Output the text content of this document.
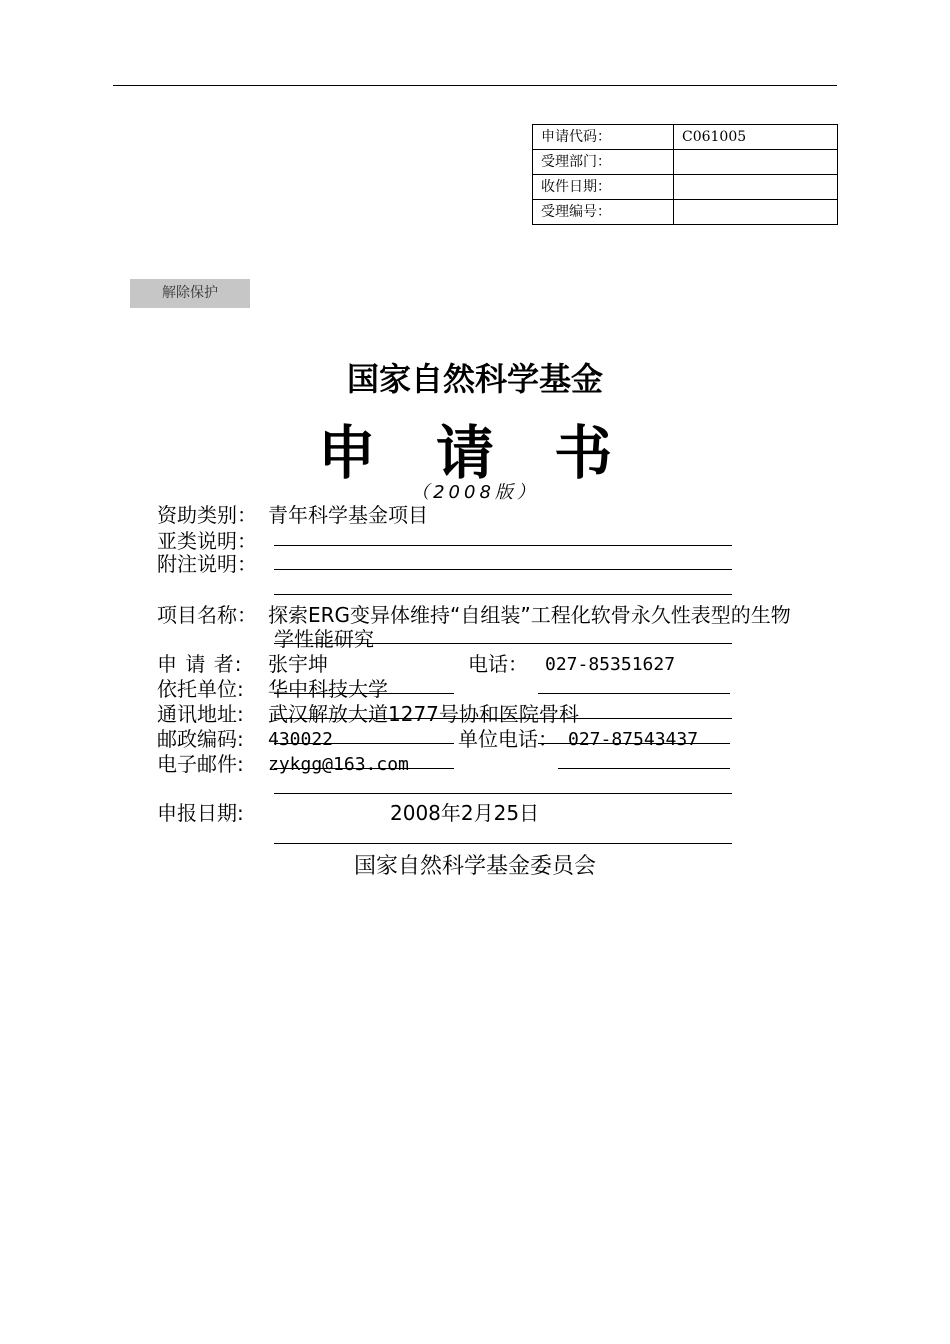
申请代码：	C061005
受理部门：	
收件日期：	
受理编号：	
解除保护
国家自然科学基金
申 请 书
（2008版）
资助类别： 青年科学基金项目
亚类说明：
附注说明：
项目名称： 探索ERG变异体维持“自组装”工程化软骨永久性表型的生物
学性能研究
申 请 者: 张宇坤	电话： 027-85351627
依托单位: 华中科技大学
通讯地址: 武汉解放大道1277号协和医院骨科
邮政编码: 430022	单位电话： 027-87543437
电子邮件: zykgg@163.com
申报日期:	2008年2月25日
国家自然科学基金委员会
